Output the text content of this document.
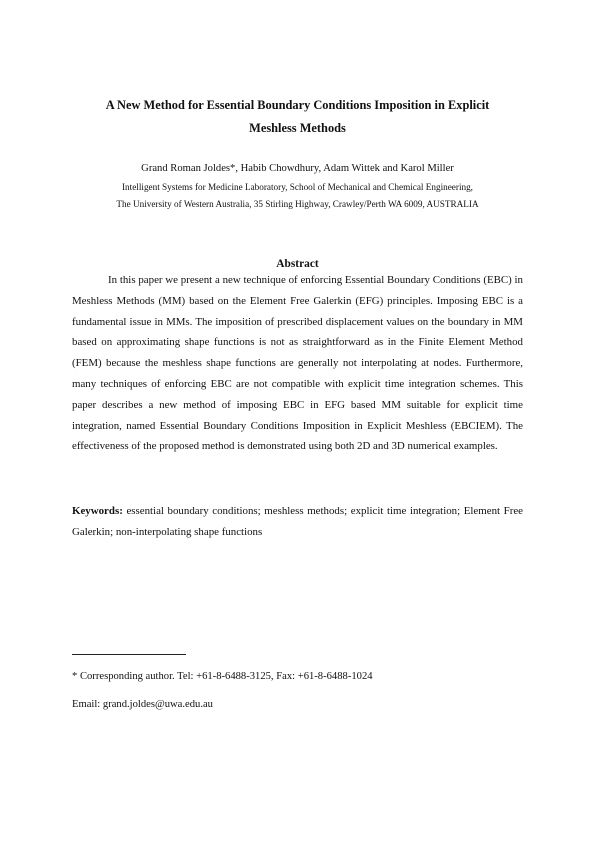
A New Method for Essential Boundary Conditions Imposition in Explicit
Meshless Methods
Grand Roman Joldes*, Habib Chowdhury, Adam Wittek and Karol Miller
Intelligent Systems for Medicine Laboratory, School of Mechanical and Chemical Engineering,
The University of Western Australia, 35 Stirling Highway, Crawley/Perth WA 6009, AUSTRALIA
Abstract

In this paper we present a new technique of enforcing Essential Boundary Conditions (EBC) in Meshless Methods (MM) based on the Element Free Galerkin (EFG) principles. Imposing EBC is a fundamental issue in MMs. The imposition of prescribed displacement values on the boundary in MM based on approximating shape functions is not as straightforward as in the Finite Element Method (FEM) because the meshless shape functions are generally not interpolating at nodes. Furthermore, many techniques of enforcing EBC are not compatible with explicit time integration schemes. This paper describes a new method of imposing EBC in EFG based MM suitable for explicit time integration, named Essential Boundary Conditions Imposition in Explicit Meshless (EBCIEM). The effectiveness of the proposed method is demonstrated using both 2D and 3D numerical examples.

Keywords: essential boundary conditions; meshless methods; explicit time integration; Element Free Galerkin; non-interpolating shape functions

* Corresponding author. Tel: +61-8-6488-3125, Fax: +61-8-6488-1024
Email: grand.joldes@uwa.edu.au
